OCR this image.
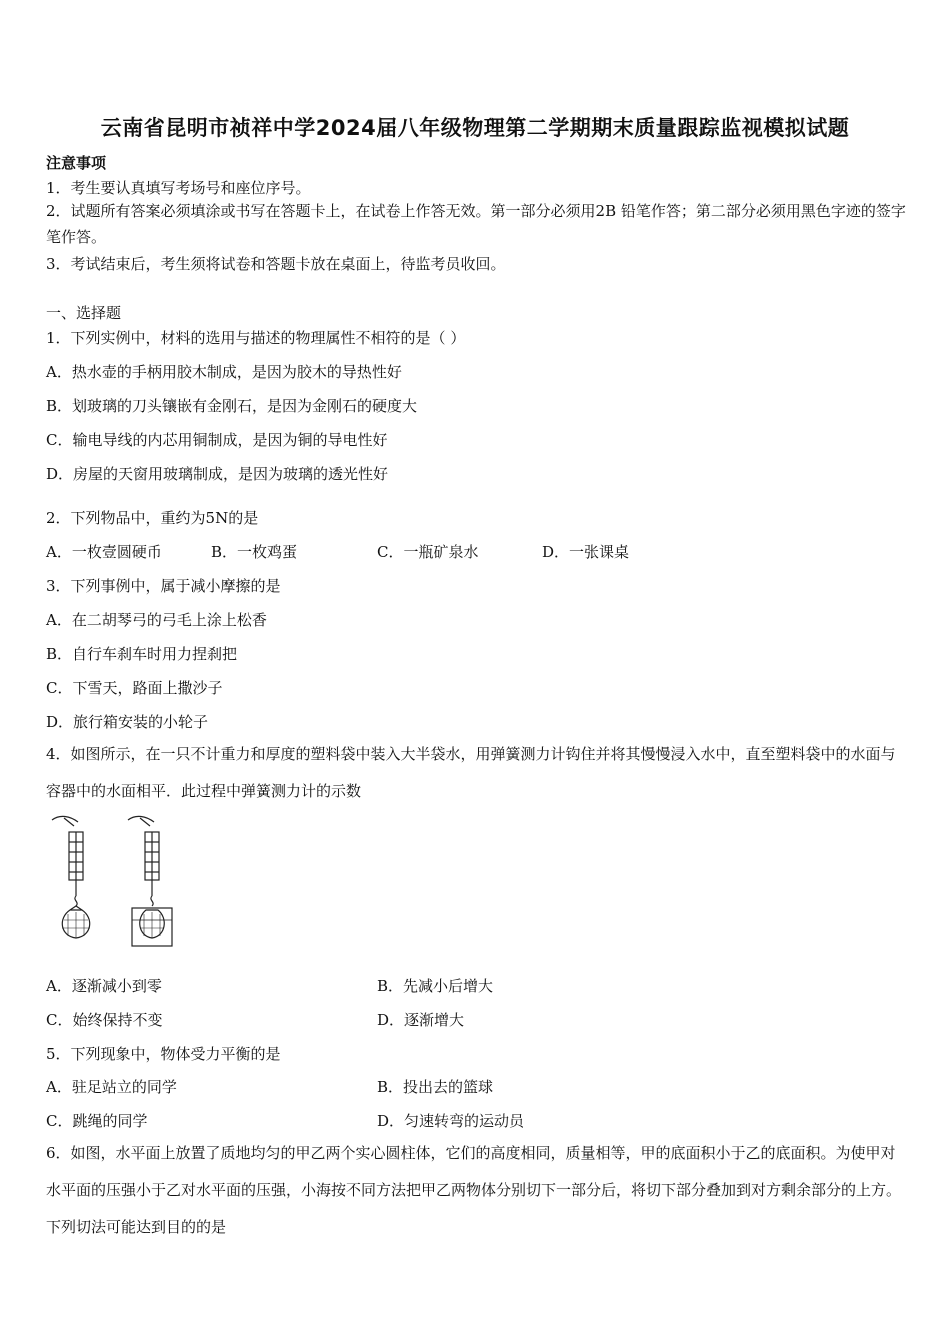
云南省昆明市祯祥中学2024届八年级物理第二学期期末质量跟踪监视模拟试题
注意事项
1．考生要认真填写考场号和座位序号。
2．试题所有答案必须填涂或书写在答题卡上，在试卷上作答无效。第一部分必须用2B 铅笔作答；第二部分必须用黑色字迹的签字笔作答。
3．考试结束后，考生须将试卷和答题卡放在桌面上，待监考员收回。
一、选择题
1．下列实例中，材料的选用与描述的物理属性不相符的是（ ）
A．热水壶的手柄用胶木制成，是因为胶木的导热性好
B．划玻璃的刀头镶嵌有金刚石，是因为金刚石的硬度大
C．输电导线的内芯用铜制成，是因为铜的导电性好
D．房屋的天窗用玻璃制成，是因为玻璃的透光性好
2．下列物品中，重约为5N的是
A．一枚壹圆硬币	B．一枚鸡蛋	C．一瓶矿泉水	D．一张课桌
3．下列事例中，属于减小摩擦的是
A．在二胡琴弓的弓毛上涂上松香
B．自行车刹车时用力捏刹把
C．下雪天，路面上撒沙子
D．旅行箱安装的小轮子
4．如图所示，在一只不计重力和厚度的塑料袋中装入大半袋水，用弹簧测力计钩住并将其慢慢浸入水中，直至塑料袋中的水面与容器中的水面相平．此过程中弹簧测力计的示数
A．逐渐减小到零	B．先减小后增大
C．始终保持不变	D．逐渐增大
5．下列现象中，物体受力平衡的是
A．驻足站立的同学	B．投出去的篮球
C．跳绳的同学	D．匀速转弯的运动员
6．如图，水平面上放置了质地均匀的甲乙两个实心圆柱体，它们的高度相同，质量相等，甲的底面积小于乙的底面积。为使甲对水平面的压强小于乙对水平面的压强，小海按不同方法把甲乙两物体分别切下一部分后，将切下部分叠加到对方剩余部分的上方。下列切法可能达到目的的是
